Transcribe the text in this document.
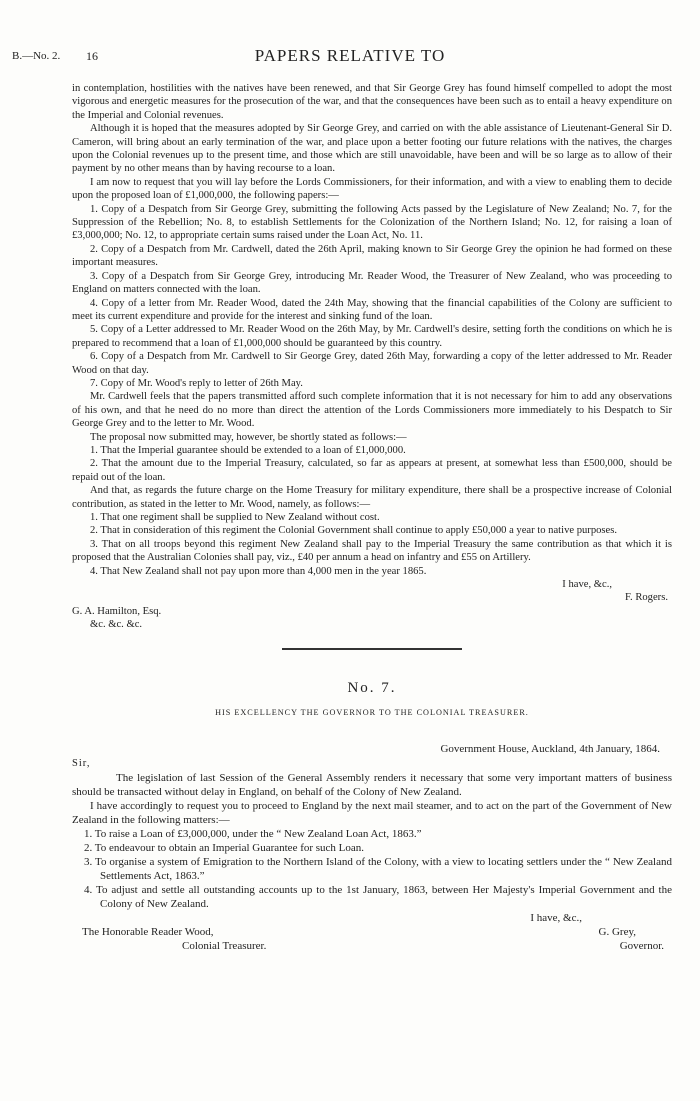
B.—No. 2. 16	PAPERS RELATIVE TO

in contemplation, hostilities with the natives have been renewed, and that Sir George Grey has found himself compelled to adopt the most vigorous and energetic measures for the prosecution of the war, and that the consequences have been such as to entail a heavy expenditure on the Imperial and Colonial revenues.

Although it is hoped that the measures adopted by Sir George Grey, and carried on with the able assistance of Lieutenant-General Sir D. Cameron, will bring about an early termination of the war, and place upon a better footing our future relations with the natives, the charges upon the Colonial revenues up to the present time, and those which are still unavoidable, have been and will be so large as to allow of their payment by no other means than by having recourse to a loan.

I am now to request that you will lay before the Lords Commissioners, for their information, and with a view to enabling them to decide upon the proposed loan of £1,000,000, the following papers:—

1. Copy of a Despatch from Sir George Grey, submitting the following Acts passed by the Legislature of New Zealand; No. 7, for the Suppression of the Rebellion; No. 8, to establish Settlements for the Colonization of the Northern Island; No. 12, for raising a loan of £3,000,000; No. 12, to appropriate certain sums raised under the Loan Act, No. 11.

2. Copy of a Despatch from Mr. Cardwell, dated the 26th April, making known to Sir George Grey the opinion he had formed on these important measures.

3. Copy of a Despatch from Sir George Grey, introducing Mr. Reader Wood, the Treasurer of New Zealand, who was proceeding to England on matters connected with the loan.

4. Copy of a letter from Mr. Reader Wood, dated the 24th May, showing that the financial capabilities of the Colony are sufficient to meet its current expenditure and provide for the interest and sinking fund of the loan.

5. Copy of a Letter addressed to Mr. Reader Wood on the 26th May, by Mr. Cardwell's desire, setting forth the conditions on which he is prepared to recommend that a loan of £1,000,000 should be guaranteed by this country.

6. Copy of a Despatch from Mr. Cardwell to Sir George Grey, dated 26th May, forwarding a copy of the letter addressed to Mr. Reader Wood on that day.

7. Copy of Mr. Wood's reply to letter of 26th May.

Mr. Cardwell feels that the papers transmitted afford such complete information that it is not necessary for him to add any observations of his own, and that he need do no more than direct the attention of the Lords Commissioners more immediately to his Despatch to Sir George Grey and to the letter to Mr. Wood.

The proposal now submitted may, however, be shortly stated as follows:—

1. That the Imperial guarantee should be extended to a loan of £1,000,000.

2. That the amount due to the Imperial Treasury, calculated, so far as appears at present, at somewhat less than £500,000, should be repaid out of the loan.

And that, as regards the future charge on the Home Treasury for military expenditure, there shall be a prospective increase of Colonial contribution, as stated in the letter to Mr. Wood, namely, as follows:—

1. That one regiment shall be supplied to New Zealand without cost.

2. That in consideration of this regiment the Colonial Government shall continue to apply £50,000 a year to native purposes.

3. That on all troops beyond this regiment New Zealand shall pay to the Imperial Treasury the same contribution as that which it is proposed that the Australian Colonies shall pay, viz., £40 per annum a head on infantry and £55 on Artillery.

4. That New Zealand shall not pay upon more than 4,000 men in the year 1865.

I have, &c.,

F. Rogers.

G. A. Hamilton, Esq.

&c. &c. &c.

No. 7.
HIS EXCELLENCY THE GOVERNOR TO THE COLONIAL TREASURER.
Government House, Auckland, 4th January, 1864.

Sir,

The legislation of last Session of the General Assembly renders it necessary that some very important matters of business should be transacted without delay in England, on behalf of the Colony of New Zealand.

I have accordingly to request you to proceed to England by the next mail steamer, and to act on the part of the Government of New Zealand in the following matters:—

1. To raise a Loan of £3,000,000, under the “ New Zealand Loan Act, 1863.”

2. To endeavour to obtain an Imperial Guarantee for such Loan.

3. To organise a system of Emigration to the Northern Island of the Colony, with a view to locating settlers under the “ New Zealand Settlements Act, 1863.”

4. To adjust and settle all outstanding accounts up to the 1st January, 1863, between Her Majesty's Imperial Government and the Colony of New Zealand.

I have, &c.,

The Honorable Reader Wood,
Colonial Treasurer.
G. Grey,
Governor.
